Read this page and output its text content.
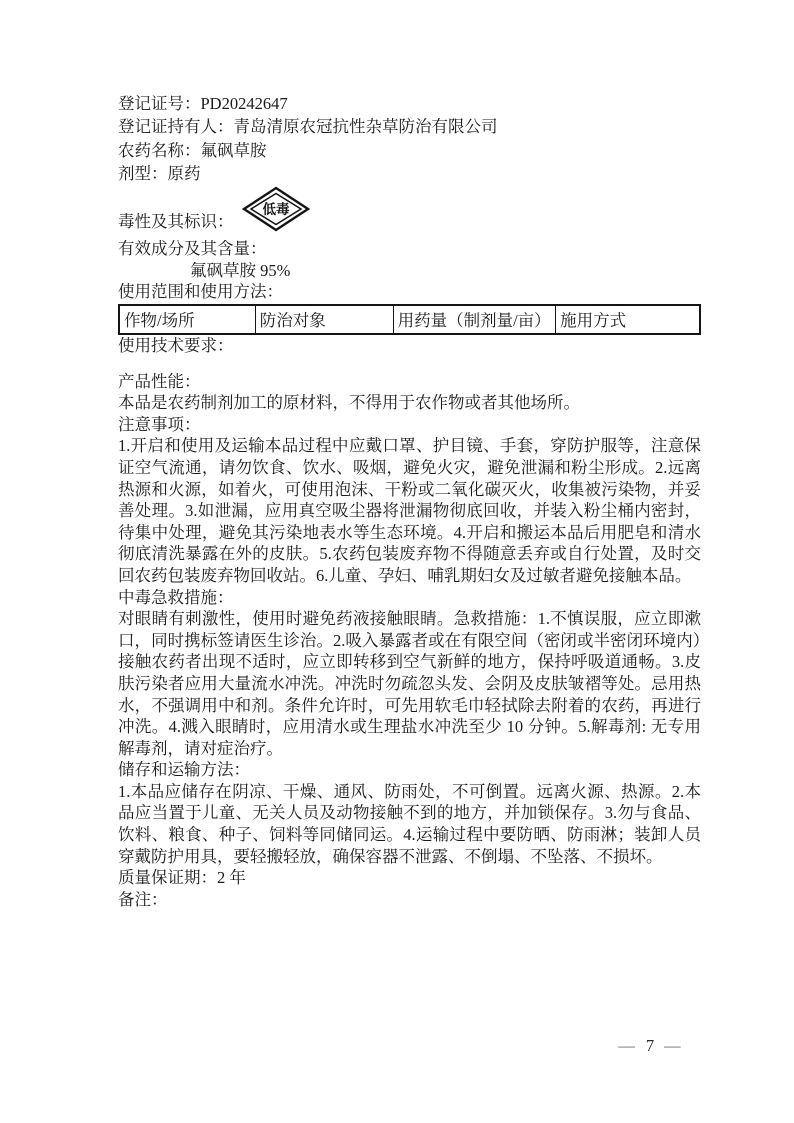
登记证号：PD20242647
登记证持有人：青岛清原农冠抗性杂草防治有限公司
农药名称：氟砜草胺
剂型：原药
毒性及其标识：
低毒
有效成分及其含量：
氟砜草胺 95%
使用范围和使用方法：
作物/场所	防治对象	用药量（制剂量/亩）	施用方式
使用技术要求：
产品性能：
本品是农药制剂加工的原材料，不得用于农作物或者其他场所。
注意事项：
1.开启和使用及运输本品过程中应戴口罩、护目镜、手套，穿防护服等，注意保证空气流通，请勿饮食、饮水、吸烟，避免火灾，避免泄漏和粉尘形成。2.远离热源和火源，如着火，可使用泡沫、干粉或二氧化碳灭火，收集被污染物，并妥善处理。3.如泄漏，应用真空吸尘器将泄漏物彻底回收，并装入粉尘桶内密封，待集中处理，避免其污染地表水等生态环境。4.开启和搬运本品后用肥皂和清水彻底清洗暴露在外的皮肤。5.农药包装废弃物不得随意丢弃或自行处置，及时交回农药包装废弃物回收站。6.儿童、孕妇、哺乳期妇女及过敏者避免接触本品。
中毒急救措施：
对眼睛有刺激性，使用时避免药液接触眼睛。急救措施：1.不慎误服，应立即漱口，同时携标签请医生诊治。2.吸入暴露者或在有限空间（密闭或半密闭环境内）接触农药者出现不适时，应立即转移到空气新鲜的地方，保持呼吸道通畅。3.皮肤污染者应用大量流水冲洗。冲洗时勿疏忽头发、会阴及皮肤皱褶等处。忌用热水，不强调用中和剂。条件允许时，可先用软毛巾轻拭除去附着的农药，再进行冲洗。4.溅入眼睛时，应用清水或生理盐水冲洗至少 10 分钟。5.解毒剂: 无专用解毒剂，请对症治疗。
储存和运输方法：
1.本品应储存在阴凉、干燥、通风、防雨处，不可倒置。远离火源、热源。2.本品应当置于儿童、无关人员及动物接触不到的地方，并加锁保存。3.勿与食品、饮料、粮食、种子、饲料等同储同运。4.运输过程中要防晒、防雨淋；装卸人员穿戴防护用具，要轻搬轻放，确保容器不泄露、不倒塌、不坠落、不损坏。
质量保证期：2 年
备注：
— 7 —
